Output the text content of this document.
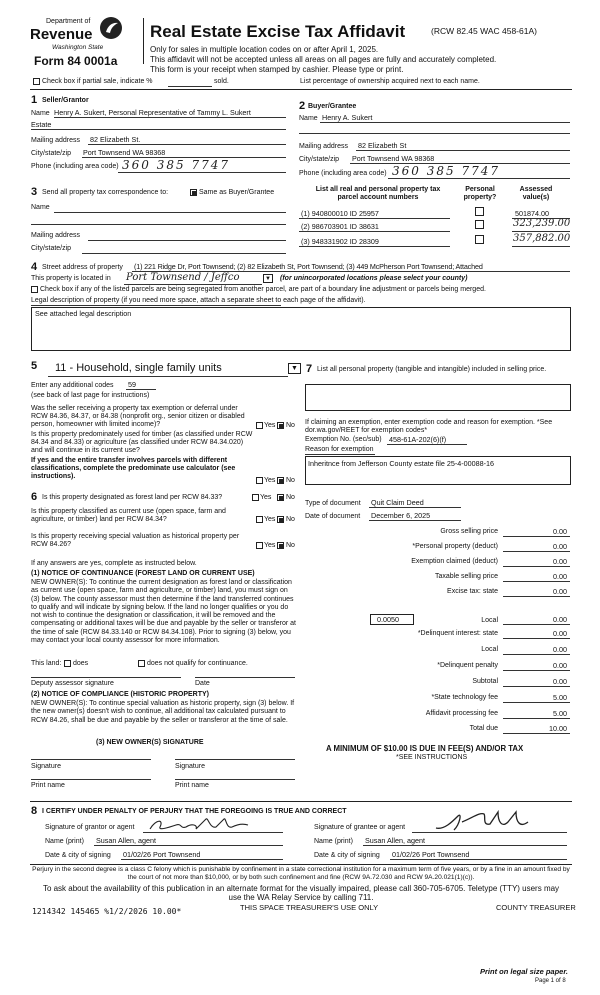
Department of
Revenue
Washington State
Form 84 0001a
Real Estate Excise Tax Affidavit	(RCW 82.45 WAC 458-61A)
Only for sales in multiple location codes on or after April 1, 2025.
This affidavit will not be accepted unless all areas on all pages are fully and accurately completed.
This form is your receipt when stamped by cashier. Please type or print.
Check box if partial sale, indicate %	sold.	List percentage of ownership acquired next to each name.
1 Seller/Grantor
Name Henry A. Sukert, Personal Representative of Tammy L. Sukert
Estate
Mailing address 82 Elizabeth St.
City/state/zip Port Townsend WA 98368
Phone (including area code) 360 385 7747
2 Buyer/Grantee
Name Henry A. Sukert
Mailing address 82 Elizabeth St
City/state/zip Port Townsend WA 98368
Phone (including area code) 360 385 7747
3 Send all property tax correspondence to:	Same as Buyer/Grantee
Name
Mailing address
City/state/zip
List all real and personal property tax parcel account numbers
Personal property?
Assessed value(s)
(1) 940800010 ID 25957	501874.00
(2) 986703901 ID 38631	323,239.00
(3) 948331902 ID 28309	357,882.00
4 Street address of property (1) 221 Ridge Dr, Port Townsend; (2) 82 Elizabeth St, Port Townsend; (3) 449 McPherson Port Townsend; Attached
This property is located in Port Townsend / Jeffco	▼ (for unincorporated locations please select your county)
Check box if any of the listed parcels are being segregated from another parcel, are part of a boundary line adjustment or parcels being merged.
Legal description of property (if you need more space, attach a separate sheet to each page of the affidavit).
See attached legal description
5 11 - Household, single family units	▼
Enter any additional codes 59
(see back of last page for instructions)
Was the seller receiving a property tax exemption or deferral under RCW 84.36, 84.37, or 84.38 (nonprofit org., senior citizen or disabled person, homeowner with limited income)?	Yes No
Is this property predominately used for timber (as classified under RCW 84.34 and 84.33) or agriculture (as classified under RCW 84.34.020) and will continue in its current use?
If yes and the entire transfer involves parcels with different classifications, complete the predominate use calculator (see instructions).
Yes No
6 Is this property designated as forest land per RCW 84.33?	Yes No
Is this property classified as current use (open space, farm and agriculture, or timber) land per RCW 84.34?	Yes No
Is this property receiving special valuation as historical property per RCW 84.26?	Yes No
If any answers are yes, complete as instructed below.
(1) NOTICE OF CONTINUANCE (FOREST LAND OR CURRENT USE)
NEW OWNER(S): To continue the current designation as forest land or classification as current use (open space, farm and agriculture, or timber) land, you must sign on (3) below. The county assessor must then determine if the land transferred continues to qualify and will indicate by signing below. If the land no longer qualifies or you do not wish to continue the designation or classification, it will be removed and the compensating or additional taxes will be due and payable by the seller or transferor at the time of sale (RCW 84.33.140 or RCW 84.34.108). Prior to signing (3) below, you may contact your local county assessor for more information.
This land: does	does not qualify for continuance.
Deputy assessor signature	Date
(2) NOTICE OF COMPLIANCE (HISTORIC PROPERTY)
NEW OWNER(S): To continue special valuation as historic property, sign (3) below. If the new owner(s) doesn't wish to continue, all additional tax calculated pursuant to RCW 84.26, shall be due and payable by the seller or transferor at the time of sale.
(3) NEW OWNER(S) SIGNATURE
Signature	Signature
Print name	Print name
7 List all personal property (tangible and intangible) included in selling price.
If claiming an exemption, enter exemption code and reason for exemption. *See dor.wa.gov/REET for exemption codes*
Exemption No. (sec/sub) 458-61A-202(6)(f)
Reason for exemption
Inheritnce from Jefferson County estate file 25-4-00088-16
Type of document Quit Claim Deed
Date of document December 6, 2025
Gross selling price	0.00
*Personal property (deduct)	0.00
Exemption claimed (deduct)	0.00
Taxable selling price	0.00
Excise tax: state	0.00
0.0050	Local	0.00
*Delinquent interest: state	0.00
Local	0.00
*Delinquent penalty	0.00
Subtotal	0.00
*State technology fee	5.00
Affidavit processing fee	5.00
Total due	10.00
A MINIMUM OF $10.00 IS DUE IN FEE(S) AND/OR TAX
*SEE INSTRUCTIONS
8 I CERTIFY UNDER PENALTY OF PERJURY THAT THE FOREGOING IS TRUE AND CORRECT
Signature of grantor or agent
Name (print) Susan Allen, agent
Date & city of signing 01/02/26 Port Townsend
Signature of grantee or agent
Name (print) Susan Allen, agent
Date & city of signing 01/02/26 Port Townsend
Perjury in the second degree is a class C felony which is punishable by confinement in a state correctional institution for a maximum term of five years, or by a fine in an amount fixed by the court of not more than $10,000, or by both such confinement and fine (RCW 9A.72.030 and RCW 9A.20.021(1)(c)).
To ask about the availability of this publication in an alternate format for the visually impaired, please call 360-705-6705. Teletype (TTY) users may use the WA Relay Service by calling 711.
1214342 145465 %1/2/2026 10.00*	THIS SPACE TREASURER'S USE ONLY	COUNTY TREASURER
Print on legal size paper.
Page 1 of 8
